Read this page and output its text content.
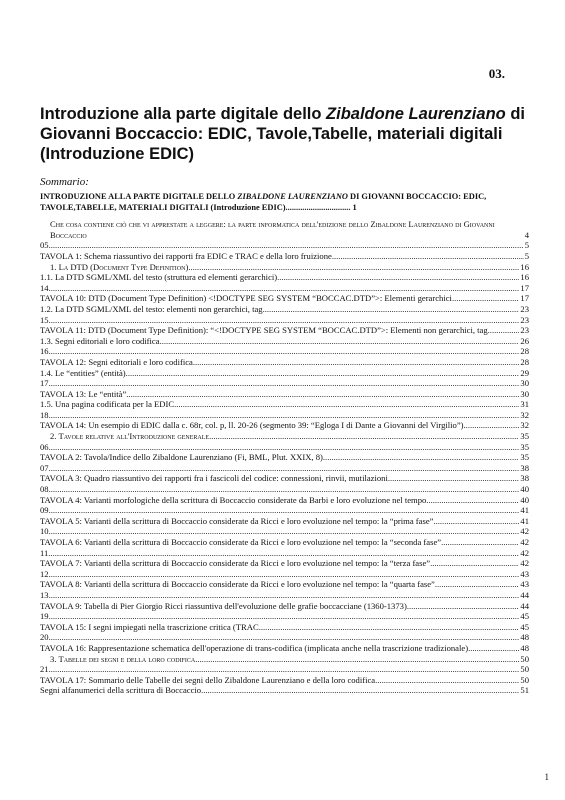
03.
Introduzione alla parte digitale dello Zibaldone Laurenziano di Giovanni Boccaccio: EDIC, Tavole,Tabelle, materiali digitali (Introduzione EDIC)
Sommario:
INTRODUZIONE ALLA PARTE DIGITALE DELLO ZIBALDONE LAURENZIANO DI GIOVANNI BOCCACCIO: EDIC, TAVOLE,TABELLE, MATERIALI DIGITALI (Introduzione EDIC)............................... 1
Che cosa contiene ciò che vi apprestate a leggere: la parte informatica dell'edizione dello Zibaldone Laurenziano di Giovanni Boccaccio	4
05 .....	5
TAVOLA 1: Schema riassuntivo dei rapporti fra EDIC e TRAC e della loro fruizione .....	5
1. La DTD (Document Type Definition) .....	16
1.1. La DTD SGML/XML del testo (struttura ed elementi gerarchici) .....	16
14 .....	17
TAVOLA 10: DTD (Document Type Definition) <!DOCTYPE SEG SYSTEM “BOCCAC.DTD”>: Elementi gerarchici .....	17
1.2. La DTD SGML/XML del testo: elementi non gerarchici, tag .....	23
15 .....	23
TAVOLA 11: DTD (Document Type Definition): “<!DOCTYPE SEG SYSTEM “BOCCAC.DTD”>: Elementi non gerarchici, tag .....	23
1.3. Segni editoriali e loro codifica .....	26
16 .....	28
TAVOLA 12: Segni editoriali e loro codifica .....	28
1.4. Le “entities” (entità) .....	29
17 .....	30
TAVOLA 13: Le “entità” .....	30
1.5. Una pagina codificata per la EDIC .....	31
18 .....	32
TAVOLA 14: Un esempio di EDIC dalla c. 68r, col. p, ll. 20-26 (segmento 39: “Egloga I di Dante a Giovanni del Virgilio”) .....	32
2. Tavole relative all'Introduzione generale .....	35
06 .....	35
TAVOLA 2: Tavola/Indice dello Zibaldone Laurenziano (Fi, BML, Plut. XXIX, 8) .....	35
07 .....	38
TAVOLA 3: Quadro riassuntivo dei rapporti fra i fascicoli del codice: connessioni, rinvii, mutilazioni .....	38
08 .....	40
TAVOLA 4: Varianti morfologiche della scrittura di Boccaccio considerate da Barbi e loro evoluzione nel tempo .....	40
09 .....	41
TAVOLA 5: Varianti della scrittura di Boccaccio considerate da Ricci e loro evoluzione nel tempo: la “prima fase” .....	41
10 .....	42
TAVOLA 6: Varianti della scrittura di Boccaccio considerate da Ricci e loro evoluzione nel tempo: la “seconda fase” .....	42
11 .....	42
TAVOLA 7: Varianti della scrittura di Boccaccio considerate da Ricci e loro evoluzione nel tempo: la “terza fase” .....	42
12 .....	43
TAVOLA 8: Varianti della scrittura di Boccaccio considerate da Ricci e loro evoluzione nel tempo: la “quarta fase” .....	43
13 .....	44
TAVOLA 9: Tabella di Pier Giorgio Ricci riassuntiva dell'evoluzione delle grafie boccacciane (1360-1373) .....	44
19 .....	45
TAVOLA 15: I segni impiegati nella trascrizione critica (TRAC .....	45
20 .....	48
TAVOLA 16: Rappresentazione schematica dell'operazione di trans-codifica (implicata anche nella trascrizione tradizionale) .....	48
3. Tabelle dei segni e della loro codifica .....	50
21 .....	50
TAVOLA 17: Sommario delle Tabelle dei segni dello Zibaldone Laurenziano e della loro codifica .....	50
Segni alfanumerici della scrittura di Boccaccio .....	51
1
